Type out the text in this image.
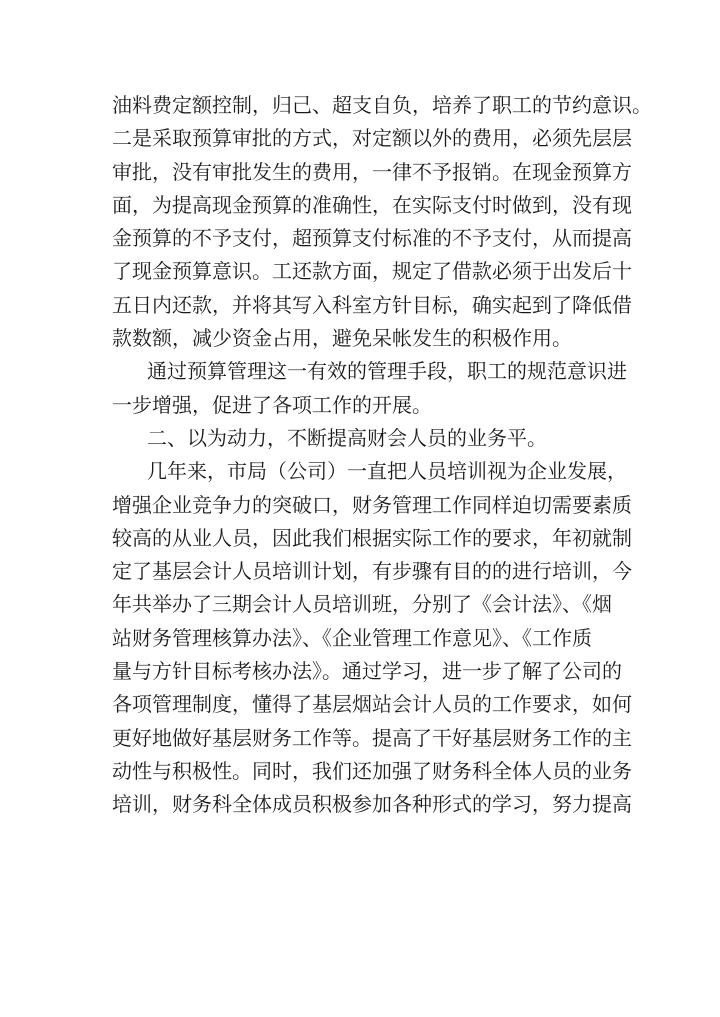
油料费定额控制，归己、超支自负，培养了职工的节约意识。
二是采取预算审批的方式，对定额以外的费用，必须先层层
审批，没有审批发生的费用，一律不予报销。在现金预算方
面，为提高现金预算的准确性，在实际支付时做到，没有现
金预算的不予支付，超预算支付标准的不予支付，从而提高
了现金预算意识。工还款方面，规定了借款必须于出发后十
五日内还款，并将其写入科室方针目标，确实起到了降低借
款数额，减少资金占用，避免呆帐发生的积极作用。
通过预算管理这一有效的管理手段，职工的规范意识进
一步增强，促进了各项工作的开展。
二、以为动力，不断提高财会人员的业务平。
几年来，市局（公司）一直把人员培训视为企业发展，
增强企业竞争力的突破口，财务管理工作同样迫切需要素质
较高的从业人员，因此我们根据实际工作的要求，年初就制
定了基层会计人员培训计划，有步骤有目的的进行培训，今
年共举办了三期会计人员培训班，分别了《会计法》、《烟
站财务管理核算办法》、《企业管理工作意见》、《工作质
量与方针目标考核办法》。通过学习，进一步了解了公司的
各项管理制度，懂得了基层烟站会计人员的工作要求，如何
更好地做好基层财务工作等。提高了干好基层财务工作的主
动性与积极性。同时，我们还加强了财务科全体人员的业务
培训，财务科全体成员积极参加各种形式的学习，努力提高
